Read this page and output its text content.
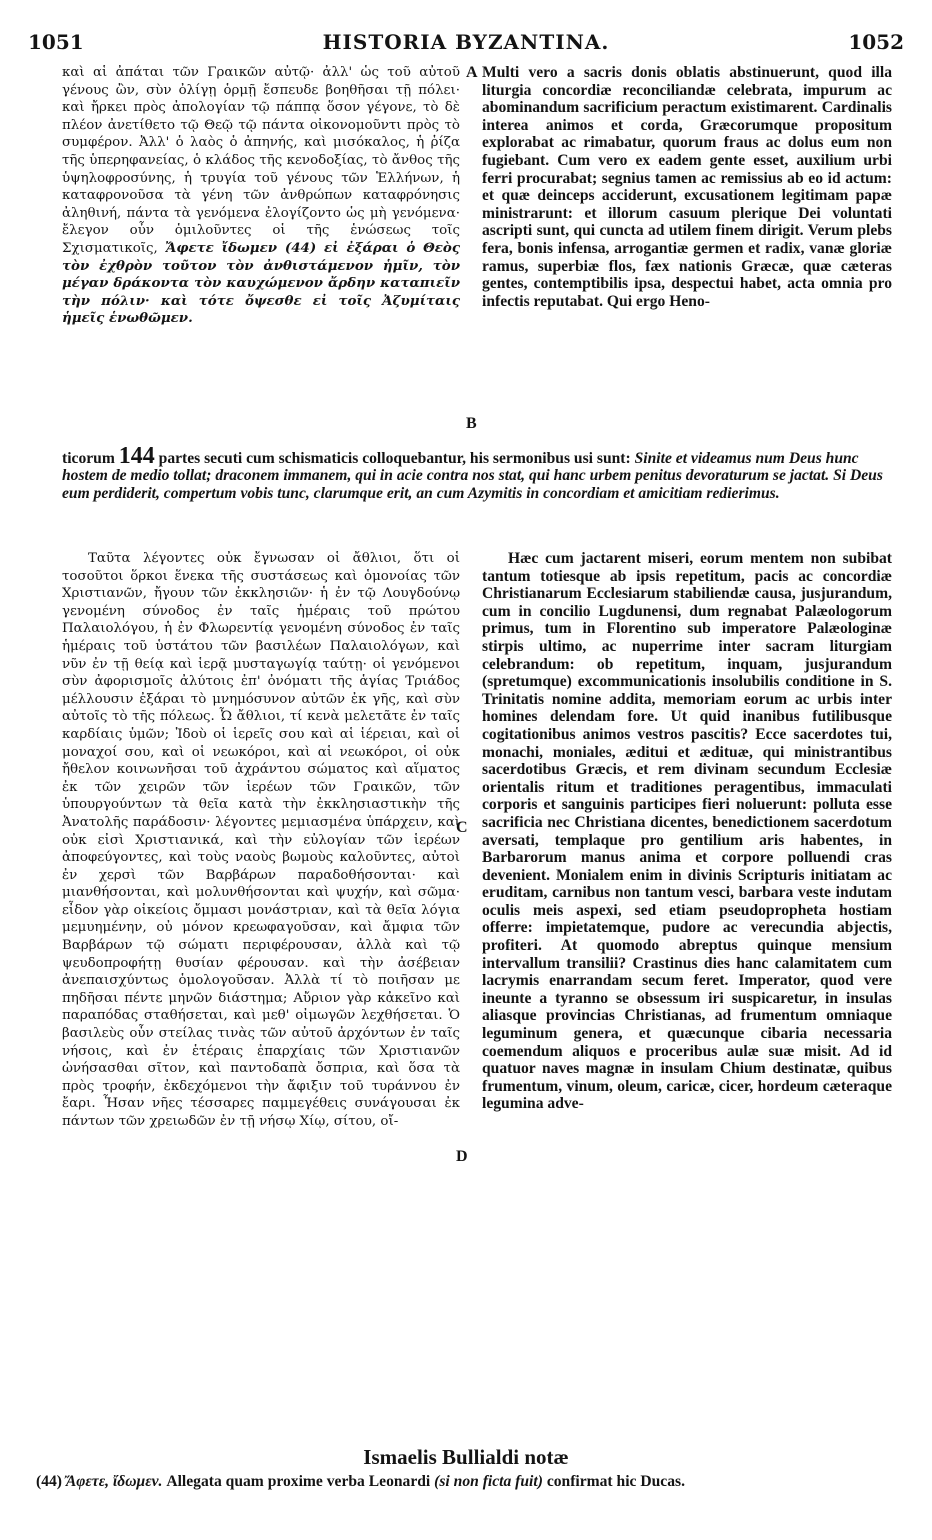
1051	HISTORIA BYZANTINA.	1052

καὶ αἱ ἀπάται τῶν Γραικῶν αὐτῷ· ἀλλ' ὡς τοῦ αὐτοῦ γένους ὢν, σὺν ὀλίγῃ ὁρμῇ ἔσπευδε βοηθῆσαι τῇ πόλει· καὶ ἤρκει πρὸς ἀπολογίαν τῷ πάππᾳ ὅσον γέγονε, τὸ δὲ πλέον ἀνετίθετο τῷ Θεῷ τῷ πάντα οἰκονομοῦντι πρὸς τὸ συμφέρον. Ἀλλ' ὁ λαὸς ὁ ἀπηνής, καὶ μισόκαλος, ἡ ῥίζα τῆς ὑπερηφανείας, ὁ κλάδος τῆς κενοδοξίας, τὸ ἄνθος τῆς ὑψηλοφροσύνης, ἡ τρυγία τοῦ γένους τῶν Ἑλλήνων, ἡ καταφρονοῦσα τὰ γένη τῶν ἀνθρώπων καταφρόνησις ἀληθινή, πάντα τὰ γενόμενα ἐλογίζοντο ὡς μὴ γενόμενα· ἔλεγον οὖν ὁμιλοῦντες οἱ τῆς ἑνώσεως τοῖς Σχισματικοῖς, Ἄφετε ἴδωμεν (44) εἰ ἐξάραι ὁ Θεὸς τὸν ἐχθρὸν τοῦτον τὸν ἀνθιστάμενον ἡμῖν, τὸν μέγαν δράκοντα τὸν καυχώμενον ἄρδην καταπιεῖν τὴν πόλιν· καὶ τότε ὄψεσθε εἰ τοῖς Ἀζυμίταις ἡμεῖς ἑνωθῶμεν.

A
B
C
D

Multi vero a sacris donis oblatis abstinuerunt, quod illa liturgia concordiæ reconciliandæ celebrata, impurum ac abominandum sacrificium peractum existimarent. Cardinalis interea animos et corda, Græcorumque propositum explorabat ac rimabatur, quorum fraus ac dolus eum non fugiebant. Cum vero ex eadem gente esset, auxilium urbi ferri procurabat; segnius tamen ac remissius ab eo id actum: et quæ deinceps acciderunt, excusationem legitimam papæ ministrarunt: et illorum casuum plerique Dei voluntati ascripti sunt, qui cuncta ad utilem finem dirigit. Verum plebs fera, bonis infensa, arrogantiæ germen et radix, vanæ gloriæ ramus, superbiæ flos, fæx nationis Græcæ, quæ cæteras gentes, contemptibilis ipsa, despectui habet, acta omnia pro infectis reputabat. Qui ergo Heno-

ticorum 144 partes secuti cum schismaticis colloquebantur, his sermonibus usi sunt: Sinite et videamus num Deus hunc hostem de medio tollat; draconem immanem, qui in acie contra nos stat, qui hanc urbem penitus devoraturum se jactat. Si Deus eum perdiderit, compertum vobis tunc, clarumque erit, an cum Azymitis in concordiam et amicitiam redierimus.

Ταῦτα λέγοντες οὐκ ἔγνωσαν οἱ ἄθλιοι, ὅτι οἱ τοσοῦτοι ὅρκοι ἕνεκα τῆς συστάσεως καὶ ὁμονοίας τῶν Χριστιανῶν, ἤγουν τῶν ἐκκλησιῶν· ἡ ἐν τῷ Λουγδούνῳ γενομένη σύνοδος ἐν ταῖς ἡμέραις τοῦ πρώτου Παλαιολόγου, ἡ ἐν Φλωρεντίᾳ γενομένη σύνοδος ἐν ταῖς ἡμέραις τοῦ ὑστάτου τῶν βασιλέων Παλαιολόγων, καὶ νῦν ἐν τῇ θείᾳ καὶ ἱερᾷ μυσταγωγίᾳ ταύτῃ· οἱ γενόμενοι σὺν ἀφορισμοῖς ἀλύτοις ἐπ' ὀνόματι τῆς ἁγίας Τριάδος μέλλουσιν ἐξάραι τὸ μνημόσυνον αὐτῶν ἐκ γῆς, καὶ σὺν αὐτοῖς τὸ τῆς πόλεως. Ὦ ἄθλιοι, τί κενὰ μελετᾶτε ἐν ταῖς καρδίαις ὑμῶν; Ἰδοὺ οἱ ἱερεῖς σου καὶ αἱ ἱέρειαι, καὶ οἱ μοναχοί σου, καὶ οἱ νεωκόροι, καὶ αἱ νεωκόροι, οἱ οὐκ ἤθελον κοινωνῆσαι τοῦ ἀχράντου σώματος καὶ αἵματος ἐκ τῶν χειρῶν τῶν ἱερέων τῶν Γραικῶν, τῶν ὑπουργούντων τὰ θεῖα κατὰ τὴν ἐκκλησιαστικὴν τῆς Ἀνατολῆς παράδοσιν· λέγοντες μεμιασμένα ὑπάρχειν, καὶ οὐκ εἰσὶ Χριστιανικά, καὶ τὴν εὐλογίαν τῶν ἱερέων ἀποφεύγοντες, καὶ τοὺς ναοὺς βωμοὺς καλοῦντες, αὐτοὶ ἐν χερσὶ τῶν Βαρβάρων παραδοθήσονται· καὶ μιανθήσονται, καὶ μολυνθήσονται καὶ ψυχήν, καὶ σῶμα· εἶδον γὰρ οἰκείοις ὄμμασι μονάστριαν, καὶ τὰ θεῖα λόγια μεμυημένην, οὐ μόνον κρεωφαγοῦσαν, καὶ ἄμφια τῶν Βαρβάρων τῷ σώματι περιφέρουσαν, ἀλλὰ καὶ τῷ ψευδοπροφήτῃ θυσίαν φέρουσαν. καὶ τὴν ἀσέβειαν ἀνεπαισχύντως ὁμολογοῦσαν. Ἀλλὰ τί τὸ ποιῆσαν με πηδῆσαι πέντε μηνῶν διάστημα; Αὔριον γὰρ κἀκεῖνο καὶ παραπόδας σταθήσεται, καὶ μεθ' οἰμωγῶν λεχθήσεται. Ὁ βασιλεὺς οὖν στείλας τινὰς τῶν αὐτοῦ ἀρχόντων ἐν ταῖς νήσοις, καὶ ἐν ἑτέραις ἐπαρχίαις τῶν Χριστιανῶν ὠνήσασθαι σῖτον, καὶ παντοδαπὰ ὄσπρια, καὶ ὅσα τὰ πρὸς τροφήν, ἐκδεχόμενοι τὴν ἄφιξιν τοῦ τυράννου ἐν ἔαρι. Ἦσαν νῆες τέσσαρες παμμεγέθεις συνάγουσαι ἐκ πάντων τῶν χρειωδῶν ἐν τῇ νήσῳ Χίῳ, σίτου, οἴ-

Hæc cum jactarent miseri, eorum mentem non subibat tantum totiesque ab ipsis repetitum, pacis ac concordiæ Christianarum Ecclesiarum stabiliendæ causa, jusjurandum, cum in concilio Lugdunensi, dum regnabat Palæologorum primus, tum in Florentino sub imperatore Palæologinæ stirpis ultimo, ac nuperrime inter sacram liturgiam celebrandum: ob repetitum, inquam, jusjurandum (spretumque) excommunicationis insolubilis conditione in S. Trinitatis nomine addita, memoriam eorum ac urbis inter homines delendam fore. Ut quid inanibus futilibusque cogitationibus animos vestros pascitis? Ecce sacerdotes tui, monachi, moniales, æditui et ædituæ, qui ministrantibus sacerdotibus Græcis, et rem divinam secundum Ecclesiæ orientalis ritum et traditiones peragentibus, immaculati corporis et sanguinis participes fieri noluerunt: polluta esse sacrificia nec Christiana dicentes, benedictionem sacerdotum aversati, templaque pro gentilium aris habentes, in Barbarorum manus anima et corpore polluendi cras devenient. Monialem enim in divinis Scripturis initiatam ac eruditam, carnibus non tantum vesci, barbara veste indutam oculis meis aspexi, sed etiam pseudopropheta hostiam offerre: impietatemque, pudore ac verecundia abjectis, profiteri. At quomodo abreptus quinque mensium intervallum transilii? Crastinus dies hanc calamitatem cum lacrymis enarrandam secum feret. Imperator, quod vere ineunte a tyranno se obsessum iri suspicaretur, in insulas aliasque provincias Christianas, ad frumentum omniaque leguminum genera, et quæcunque cibaria necessaria coemendum aliquos e proceribus aulæ suæ misit. Ad id quatuor naves magnæ in insulam Chium destinatæ, quibus frumentum, vinum, oleum, caricæ, cicer, hordeum cæteraque legumina adve-

Ismaelis Bullialdi notæ
(44) Ἄφετε, ἴδωμεν. Allegata quam proxime verba Leonardi (si non ficta fuit) confirmat hic Ducas.
